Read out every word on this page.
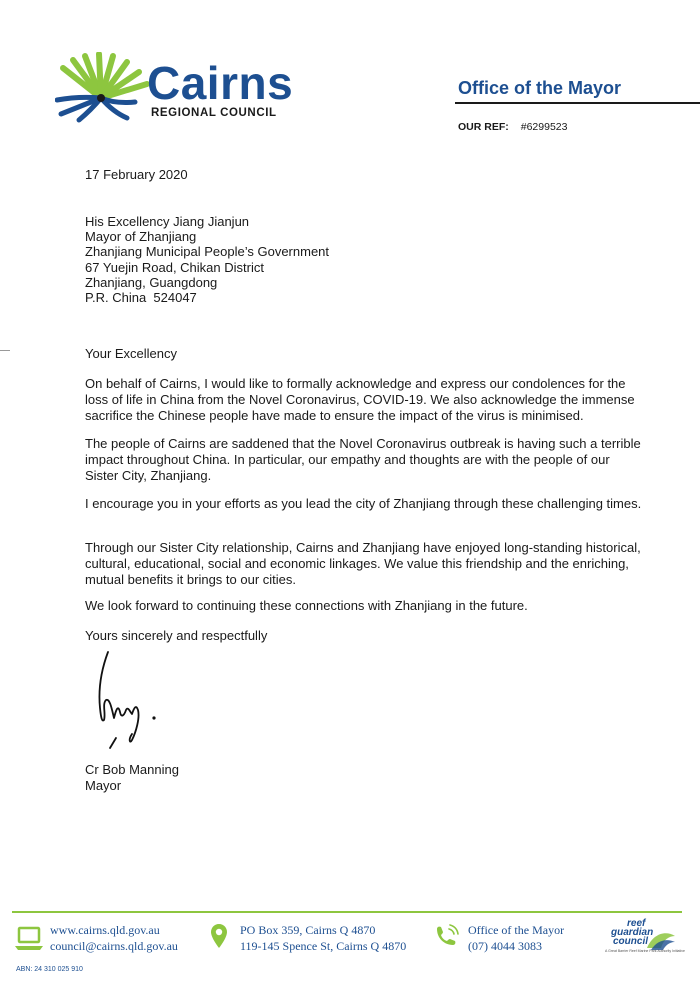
Cairns
REGIONAL COUNCIL
Office of the Mayor
OUR REF: #6299523
17 February 2020
His Excellency Jiang Jianjun
Mayor of Zhanjiang
Zhanjiang Municipal People’s Government
67 Yuejin Road, Chikan District
Zhanjiang, Guangdong
P.R. China  524047
Your Excellency
On behalf of Cairns, I would like to formally acknowledge and express our condolences for the loss of life in China from the Novel Coronavirus, COVID-19. We also acknowledge the immense sacrifice the Chinese people have made to ensure the impact of the virus is minimised.
The people of Cairns are saddened that the Novel Coronavirus outbreak is having such a terrible impact throughout China. In particular, our empathy and thoughts are with the people of our Sister City, Zhanjiang.
I encourage you in your efforts as you lead the city of Zhanjiang through these challenging times.
Through our Sister City relationship, Cairns and Zhanjiang have enjoyed long-standing historical, cultural, educational, social and economic linkages. We value this friendship and the enriching, mutual benefits it brings to our cities.
We look forward to continuing these connections with Zhanjiang in the future.
Yours sincerely and respectfully
Cr Bob Manning
Mayor
www.cairns.qld.gov.au
council@cairns.qld.gov.au
PO Box 359, Cairns Q 4870
119-145 Spence St, Cairns Q 4870
Office of the Mayor
(07) 4044 3083
reef
guardian
council
A Great Barrier Reef Marine Park Authority Initiative
ABN: 24 310 025 910
